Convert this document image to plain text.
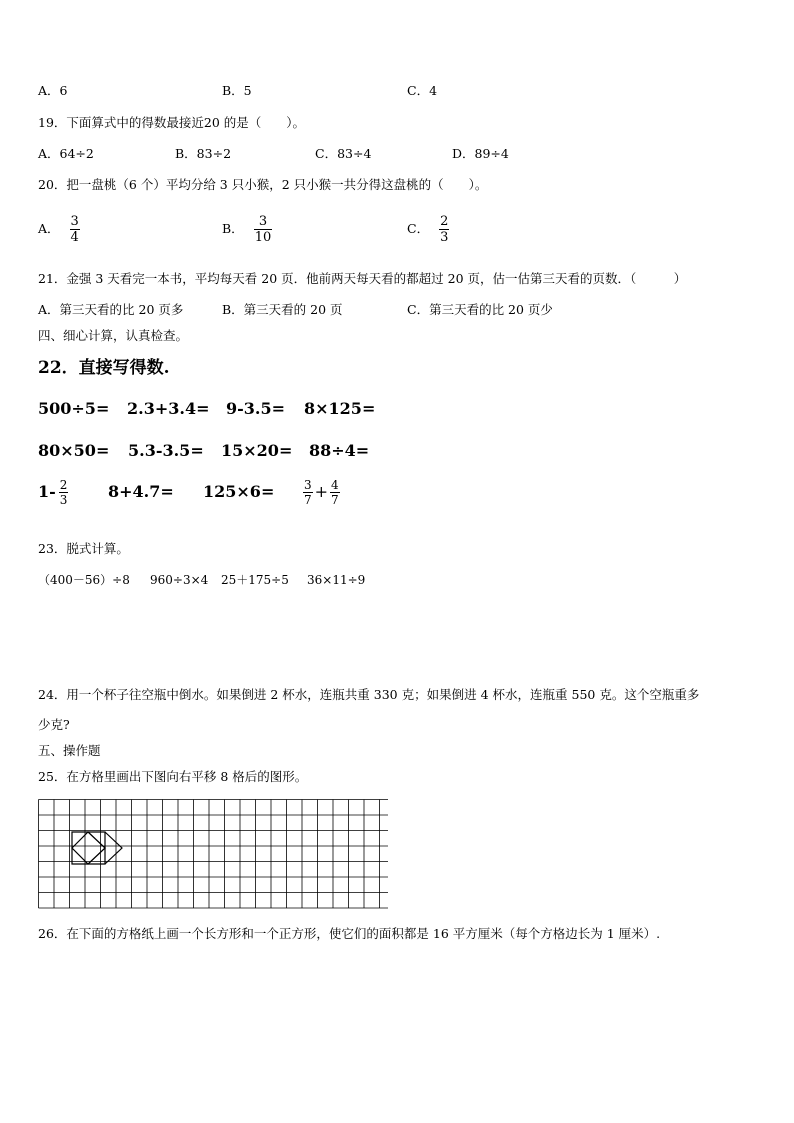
A．6	B．5	C．4
19．下面算式中的得数最接近20 的是（　　）。
A．64÷2	B．83÷2	C．83÷4	D．89÷4
20．把一盘桃（6 个）平均分给 3 只小猴，2 只小猴一共分得这盘桃的（　　）。
A． $\frac{3}{4}$	B． $\frac{3}{10}$	C． $\frac{2}{3}$
21．金强 3 天看完一本书，平均每天看 20 页．他前两天每天看的都超过 20 页，估一估第三天看的页数．（　　　）
A．第三天看的比 20 页多	B．第三天看的 20 页	C．第三天看的比 20 页少
四、细心计算，认真检查。
22．直接写得数.
500÷5= 2.3+3.4= 9-3.5= 8×125=
80×50= 5.3-3.5= 15×20= 88÷4=
$1- \frac{2}{3} 8+4.7= 125\times 6= \frac{3}{7} + \frac{4}{7}$
23．脱式计算。
（400－56）÷8 960÷3×4 25＋175÷5 36×11÷9
24．用一个杯子往空瓶中倒水。如果倒进 2 杯水，连瓶共重 330 克；如果倒进 4 杯水，连瓶重 550 克。这个空瓶重多
少克?
五、操作题
25．在方格里画出下图向右平移 8 格后的图形。
26．在下面的方格纸上画一个长方形和一个正方形，使它们的面积都是 16 平方厘米（每个方格边长为 1 厘米）.
